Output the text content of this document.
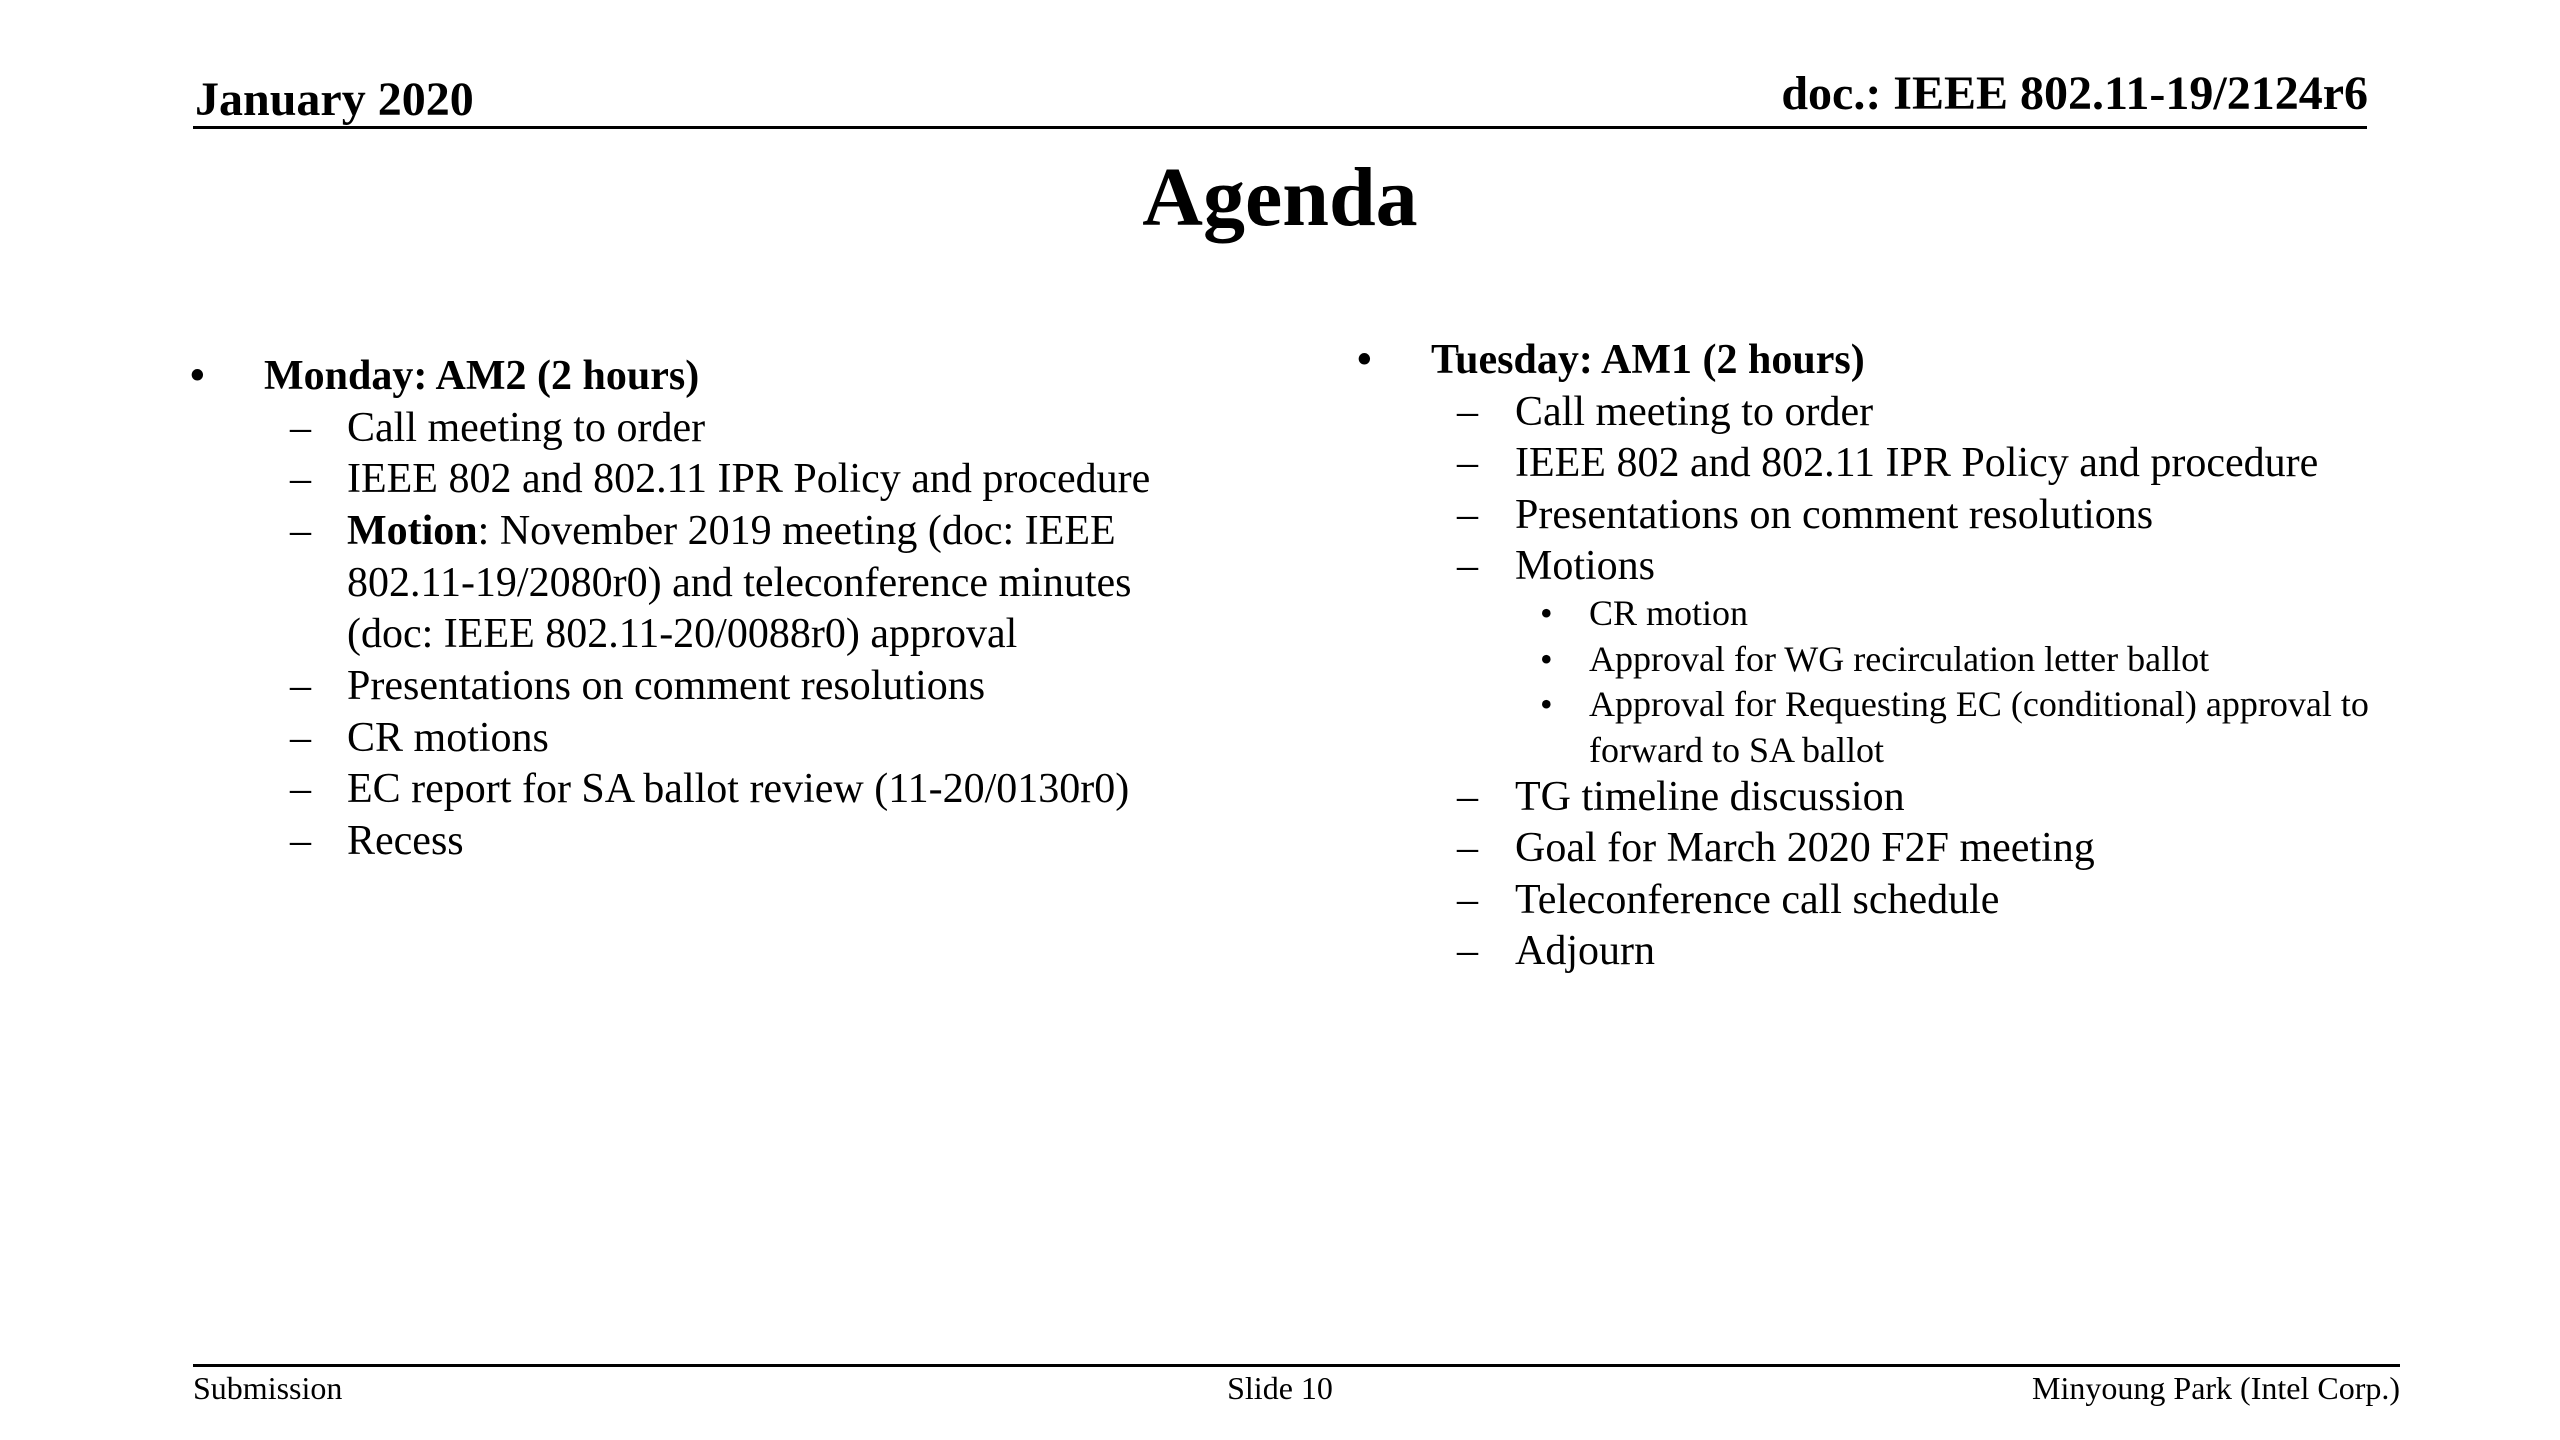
January 2020	doc.: IEEE 802.11-19/2124r6
Agenda
• Monday: AM2 (2 hours)
– Call meeting to order
– IEEE 802 and 802.11 IPR Policy and procedure
– Motion: November 2019 meeting (doc: IEEE
802.11-19/2080r0) and teleconference minutes
(doc: IEEE 802.11-20/0088r0) approval
– Presentations on comment resolutions
– CR motions
– EC report for SA ballot review (11-20/0130r0)
– Recess
• Tuesday: AM1 (2 hours)
– Call meeting to order
– IEEE 802 and 802.11 IPR Policy and procedure
– Presentations on comment resolutions
– Motions
• CR motion
• Approval for WG recirculation letter ballot
• Approval for Requesting EC (conditional) approval to
forward to SA ballot
– TG timeline discussion
– Goal for March 2020 F2F meeting
– Teleconference call schedule
– Adjourn
Submission	Slide 10	Minyoung Park (Intel Corp.)
